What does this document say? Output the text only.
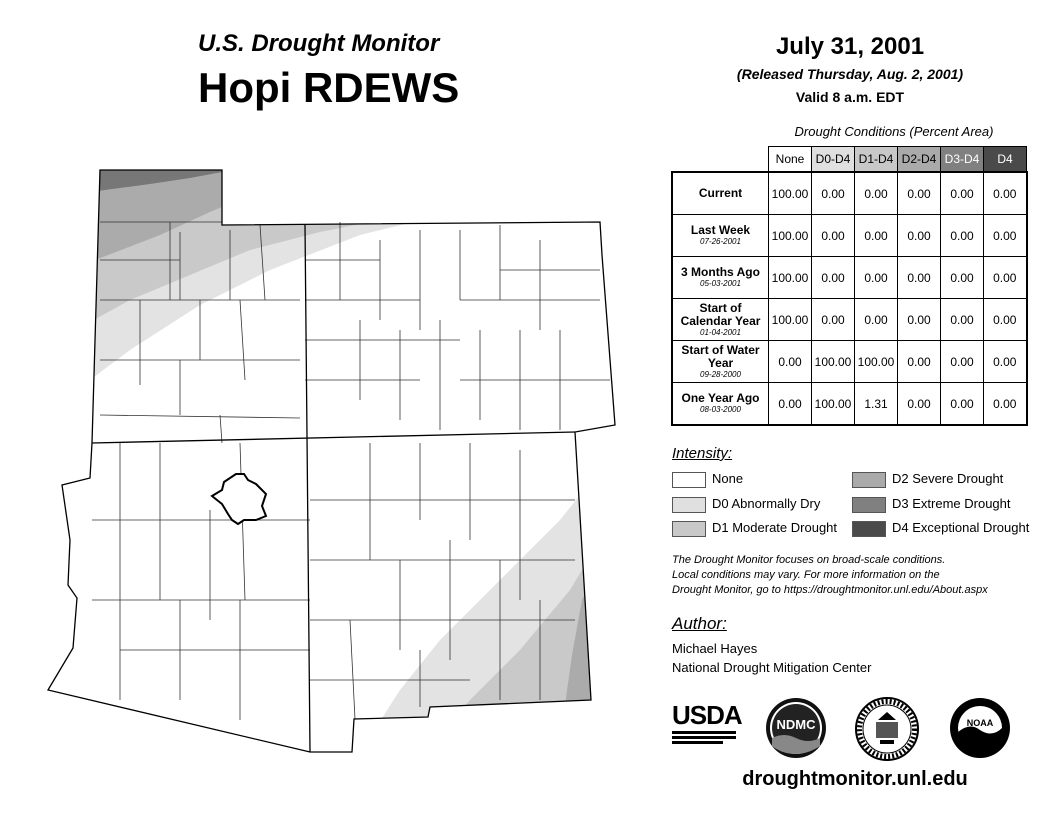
U.S. Drought Monitor
Hopi RDEWS
July 31, 2001
(Released Thursday, Aug. 2, 2001)
Valid 8 a.m. EDT
Drought Conditions (Percent Area)
	None	D0-D4	D1-D4	D2-D4	D3-D4	D4
Current	100.00	0.00	0.00	0.00	0.00	0.00
Last Week
07-26-2001	100.00	0.00	0.00	0.00	0.00	0.00
3 Months Ago
05-03-2001	100.00	0.00	0.00	0.00	0.00	0.00
Start of Calendar Year
01-04-2001	100.00	0.00	0.00	0.00	0.00	0.00
Start of Water Year
09-28-2000	0.00	100.00	100.00	0.00	0.00	0.00
One Year Ago
08-03-2000	0.00	100.00	1.31	0.00	0.00	0.00
Intensity:
None
D0 Abnormally Dry
D1 Moderate Drought
D2 Severe Drought
D3 Extreme Drought
D4 Exceptional Drought
The Drought Monitor focuses on broad-scale conditions.
Local conditions may vary. For more information on the
Drought Monitor, go to https://droughtmonitor.unl.edu/About.aspx
Author:
Michael Hayes
National Drought Mitigation Center
USDA	NDMC	NOAA
droughtmonitor.unl.edu
